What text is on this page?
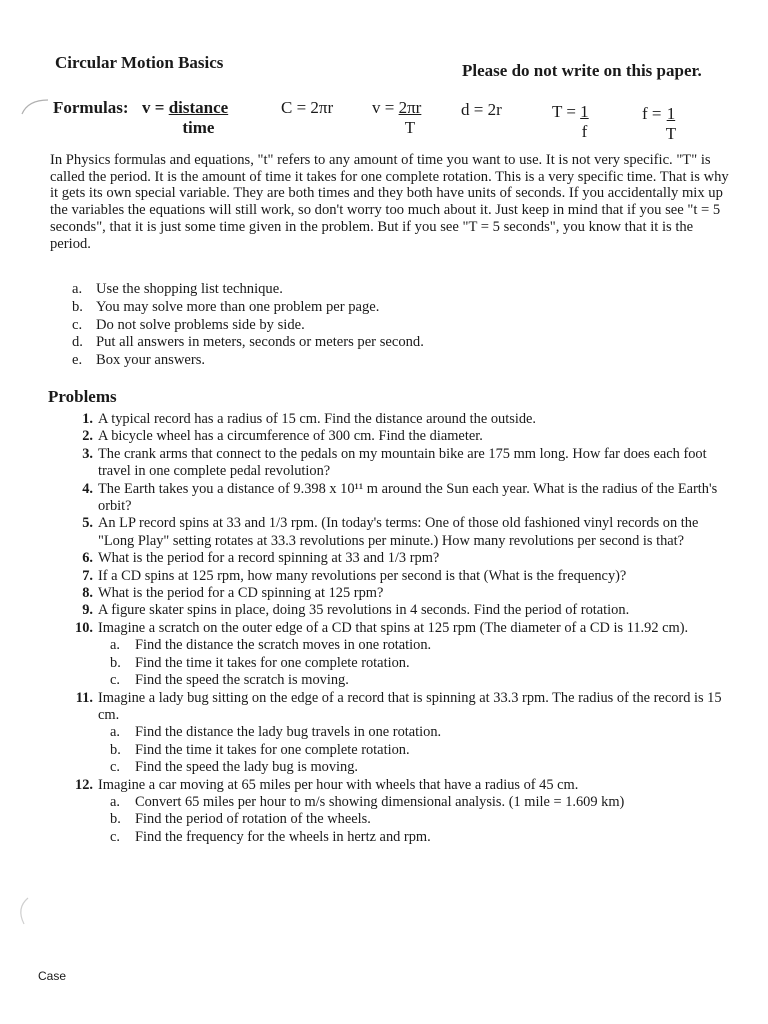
Circular Motion Basics	Please do not write on this paper.
Formulas: $v = \frac{\text{distance}}{\text{time}}$	C = 2πr $v = \frac{2\pi r}{T}$ d = 2r	$T = \frac{1}{f}$	$f = \frac{1}{T}$
In Physics formulas and equations, "t" refers to any amount of time you want to use. It is not very specific. "T" is called the period. It is the amount of time it takes for one complete rotation. This is a very specific time. That is why it gets its own special variable. They are both times and they both have units of seconds. If you accidentally mix up the variables the equations will still work, so don't worry too much about it. Just keep in mind that if you see "t = 5 seconds", that it is just some time given in the problem. But if you see "T = 5 seconds", you know that it is the period.
a. Use the shopping list technique.
b. You may solve more than one problem per page.
c. Do not solve problems side by side.
d. Put all answers in meters, seconds or meters per second.
e. Box your answers.
Problems
1. A typical record has a radius of 15 cm. Find the distance around the outside.
2. A bicycle wheel has a circumference of 300 cm. Find the diameter.
3. The crank arms that connect to the pedals on my mountain bike are 175 mm long. How far does each foot travel in one complete pedal revolution?
4. The Earth takes you a distance of 9.398 x 10¹¹ m around the Sun each year. What is the radius of the Earth's orbit?
5. An LP record spins at 33 and 1/3 rpm. (In today's terms: One of those old fashioned vinyl records on the "Long Play" setting rotates at 33.3 revolutions per minute.) How many revolutions per second is that?
6. What is the period for a record spinning at 33 and 1/3 rpm?
7. If a CD spins at 125 rpm, how many revolutions per second is that (What is the frequency)?
8. What is the period for a CD spinning at 125 rpm?
9. A figure skater spins in place, doing 35 revolutions in 4 seconds. Find the period of rotation.
10. Imagine a scratch on the outer edge of a CD that spins at 125 rpm (The diameter of a CD is 11.92 cm).
a.	Find the distance the scratch moves in one rotation.
b. Find the time it takes for one complete rotation.
c.	Find the speed the scratch is moving.
11. Imagine a lady bug sitting on the edge of a record that is spinning at 33.3 rpm. The radius of the record is 15 cm.
a.	Find the distance the lady bug travels in one rotation.
b. Find the time it takes for one complete rotation.
c.	Find the speed the lady bug is moving.
12. Imagine a car moving at 65 miles per hour with wheels that have a radius of 45 cm.
a.	Convert 65 miles per hour to m/s showing dimensional analysis. (1 mile = 1.609 km)
b. Find the period of rotation of the wheels.
c.	Find the frequency for the wheels in hertz and rpm.
Case
